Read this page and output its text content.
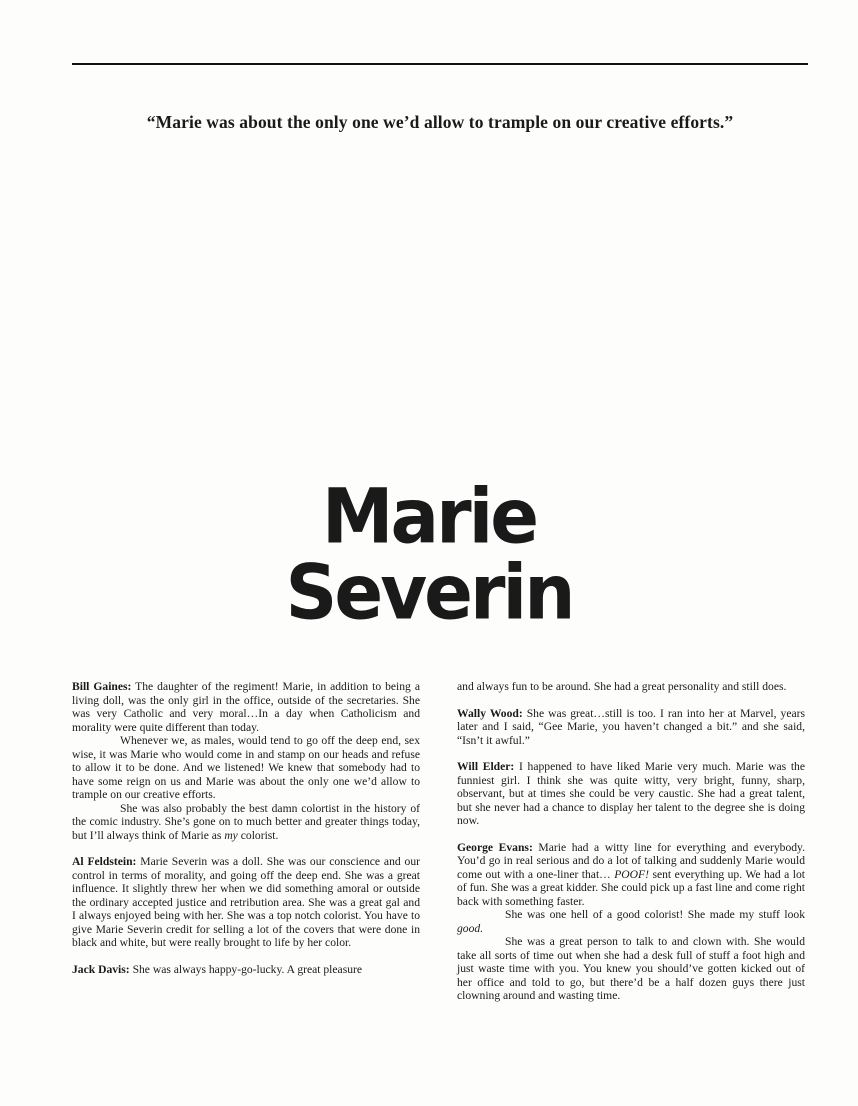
“Marie was about the only one we’d allow to trample on our creative efforts.”
Marie
Severin

Bill Gaines: The daughter of the regiment! Marie, in addition to being a living doll, was the only girl in the office, outside of the secretaries. She was very Catholic and very moral…In a day when Catholicism and morality were quite different than today.

Whenever we, as males, would tend to go off the deep end, sex wise, it was Marie who would come in and stamp on our heads and refuse to allow it to be done. And we listened! We knew that somebody had to have some reign on us and Marie was about the only one we’d allow to trample on our creative efforts.

She was also probably the best damn colortist in the history of the comic industry. She’s gone on to much better and greater things today, but I’ll always think of Marie as my colorist.

Al Feldstein: Marie Severin was a doll. She was our conscience and our control in terms of morality, and going off the deep end. She was a great influence. It slightly threw her when we did something amoral or outside the ordinary accepted justice and retribution area. She was a great gal and I always enjoyed being with her. She was a top notch colorist. You have to give Marie Severin credit for selling a lot of the covers that were done in black and white, but were really brought to life by her color.

Jack Davis: She was always happy-go-lucky. A great pleasure

and always fun to be around. She had a great personality and still does.

Wally Wood: She was great…still is too. I ran into her at Marvel, years later and I said, “Gee Marie, you haven’t changed a bit.” and she said, “Isn’t it awful.”

Will Elder: I happened to have liked Marie very much. Marie was the funniest girl. I think she was quite witty, very bright, funny, sharp, observant, but at times she could be very caustic. She had a great talent, but she never had a chance to display her talent to the degree she is doing now.

George Evans: Marie had a witty line for everything and everybody. You’d go in real serious and do a lot of talking and suddenly Marie would come out with a one-liner that… POOF! sent everything up. We had a lot of fun. She was a great kidder. She could pick up a fast line and come right back with something faster.

She was one hell of a good colorist! She made my stuff look good.

She was a great person to talk to and clown with. She would take all sorts of time out when she had a desk full of stuff a foot high and just waste time with you. You knew you should’ve gotten kicked out of her office and told to go, but there’d be a half dozen guys there just clowning around and wasting time.
